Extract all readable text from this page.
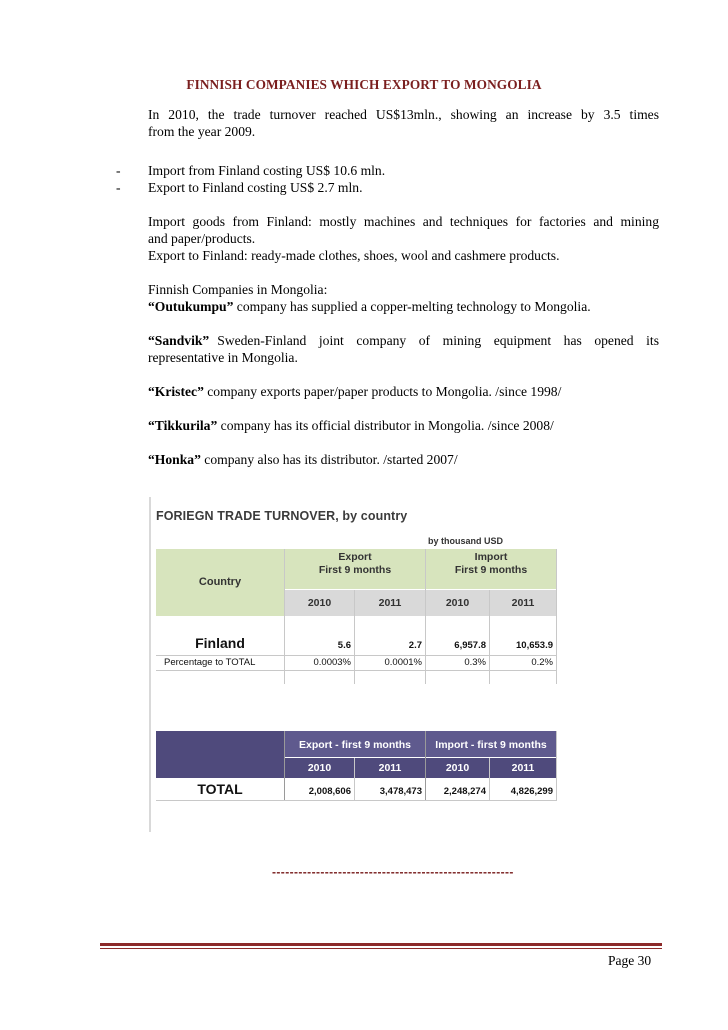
FINNISH COMPANIES WHICH EXPORT TO MONGOLIA
In 2010, the trade turnover reached US$13mln., showing an increase by 3.5 times
from the year 2009.
- Import from Finland costing US$ 10.6 mln.
- Export to Finland costing US$ 2.7 mln.
Import goods from Finland: mostly machines and techniques for factories and mining
and paper/products.
Export to Finland: ready-made clothes, shoes, wool and cashmere products.
Finnish Companies in Mongolia:
“Outukumpu” company has supplied a copper-melting technology to Mongolia.
“Sandvik” Sweden-Finland joint company of mining equipment has opened its
representative in Mongolia.
“Kristec” company exports paper/paper products to Mongolia. /since 1998/
“Tikkurila” company has its official distributor in Mongolia. /since 2008/
“Honka” company also has its distributor. /started 2007/
FORIEGN TRADE TURNOVER, by country
by thousand USD
Country
Export
First 9 months
Import
First 9 months
2010	2011	2010	2011
Finland	5.6	2.7	6,957.8	10,653.9
Percentage to TOTAL	0.0003%	0.0001%	0.3%	0.2%
Export - first 9 months	Import - first 9 months
2010	2011	2010	2011
TOTAL	2,008,606	3,478,473	2,248,274	4,826,299
-------------------------------------------------------
Page 30
